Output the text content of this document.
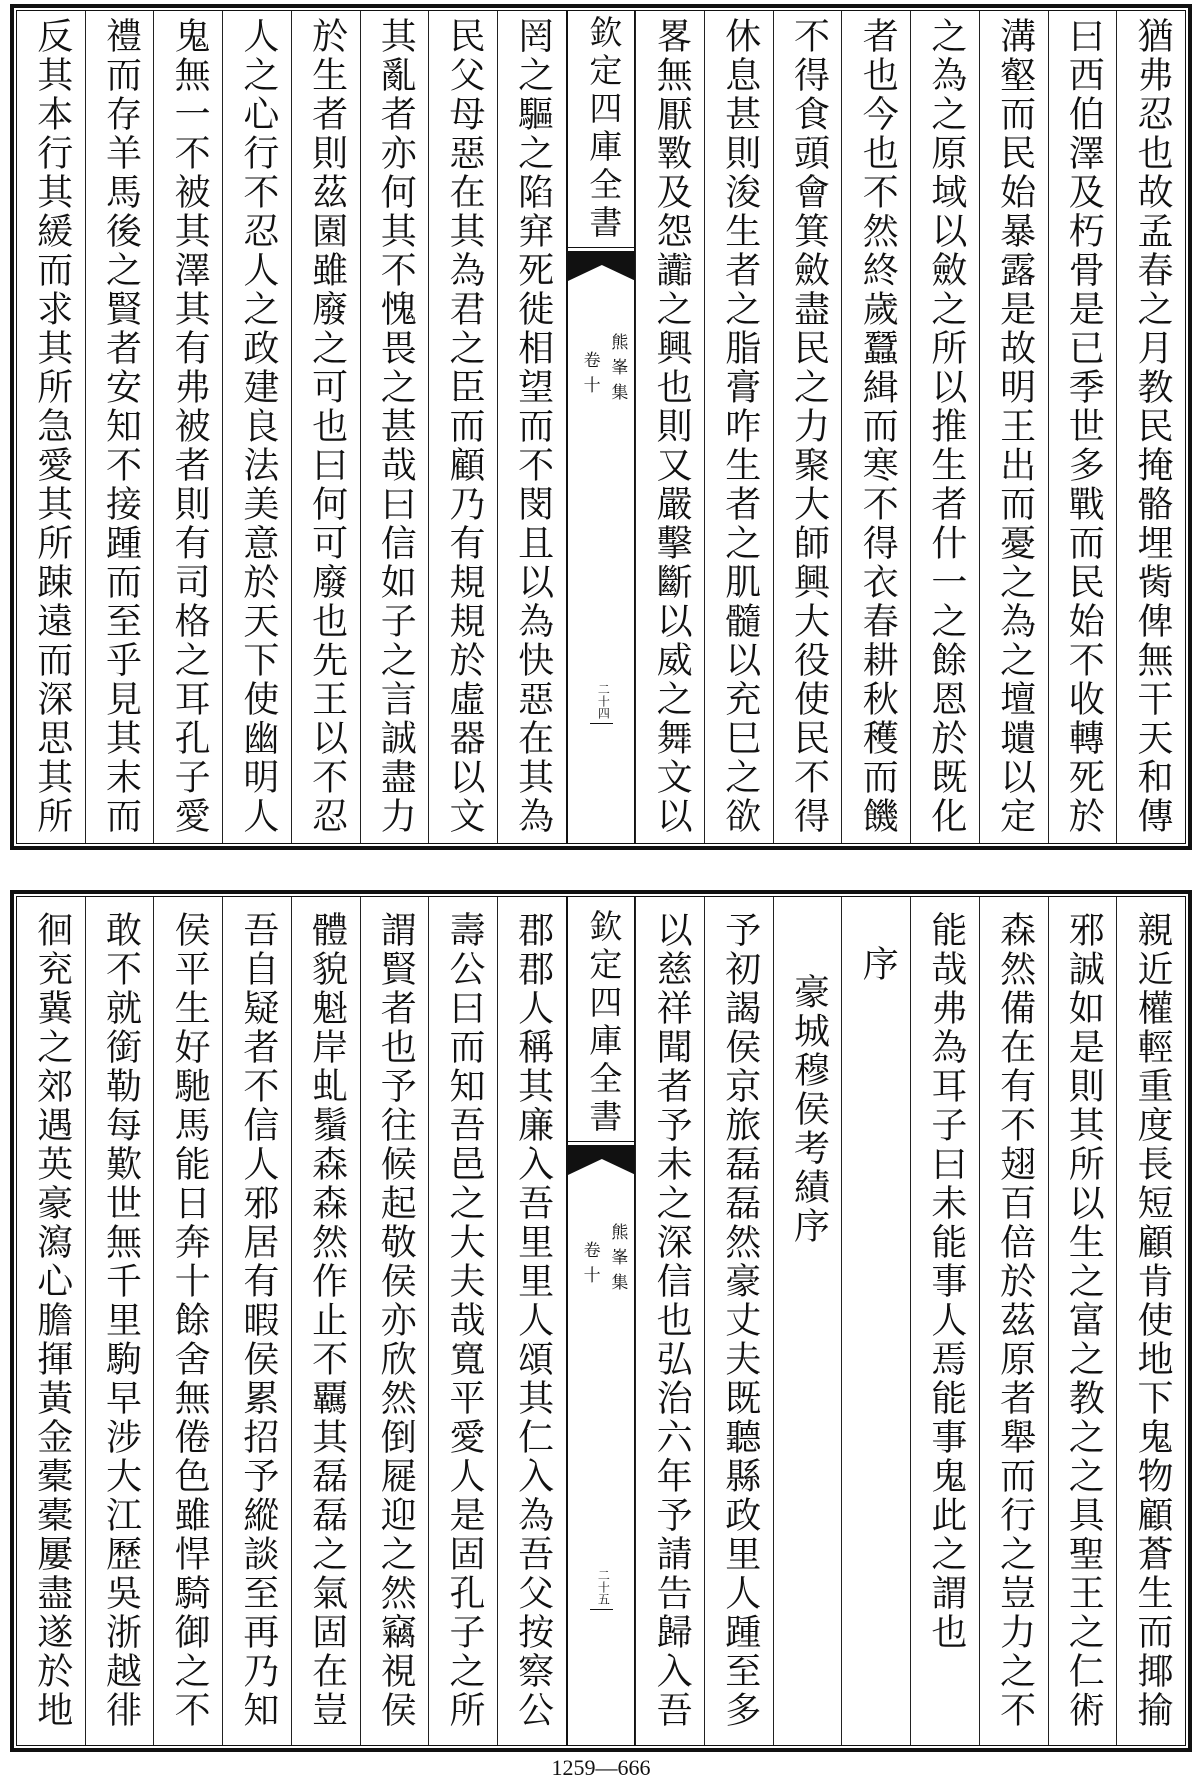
猶弗忍也故孟春之月教民掩骼埋胔俾無干天和傳
曰西伯澤及朽骨是已季世多戰而民始不收轉死於
溝壑而民始暴露是故明王出而憂之為之壇壝以定
之為之原域以斂之所以推生者什一之餘恩於既化
者也今也不然終歲蠶緝而寒不得衣春耕秋穫而饑
不得食頭會箕斂盡民之力聚大師興大役使民不得
休息甚則浚生者之脂膏咋生者之肌髓以充巳之欲
畧無厭斁及怨讟之興也則又嚴擊斷以威之舞文以
欽定四庫全書
熊峯集
卷十
二十四
罔之驅之陷穽死徙相望而不閔且以為快惡在其為
民父母惡在其為君之臣而顧乃有規規於虛器以文
其亂者亦何其不愧畏之甚哉曰信如子之言誠盡力
於生者則茲園雖廢之可也曰何可廢也先王以不忍
人之心行不忍人之政建良法美意於天下使幽明人
鬼無一不被其澤其有弗被者則有司格之耳孔子愛
禮而存羊馬後之賢者安知不接踵而至乎見其末而
反其本行其緩而求其所急愛其所踈遠而深思其所
親近權輕重度長短顧肯使地下鬼物顧蒼生而揶揄
邪誠如是則其所以生之富之教之之具聖王之仁術
森然備在有不翅百倍於茲原者舉而行之豈力之不
能哉弗為耳子曰未能事人焉能事鬼此之謂也
序
豪城穆侯考績序
予初謁侯京旅磊磊然豪丈夫既聽縣政里人踵至多
以慈祥聞者予未之深信也弘治六年予請告歸入吾
欽定四庫全書
熊峯集
卷十
二十五
郡郡人稱其廉入吾里里人頌其仁入為吾父按察公
壽公曰而知吾邑之大夫哉寬平愛人是固孔子之所
謂賢者也予往候起敬侯亦欣然倒屣迎之然竊視侯
體貌魁岸虬鬚森森然作止不覊其磊磊之氣固在豈
吾自疑者不信人邪居有暇侯累招予縱談至再乃知
侯平生好馳馬能日奔十餘舍無倦色雖悍騎御之不
敢不就銜勒每歎世無千里駒早涉大江歷吳浙越徘
徊兖冀之郊遇英豪瀉心膽揮黃金橐橐屢盡遂於地
1259—666
